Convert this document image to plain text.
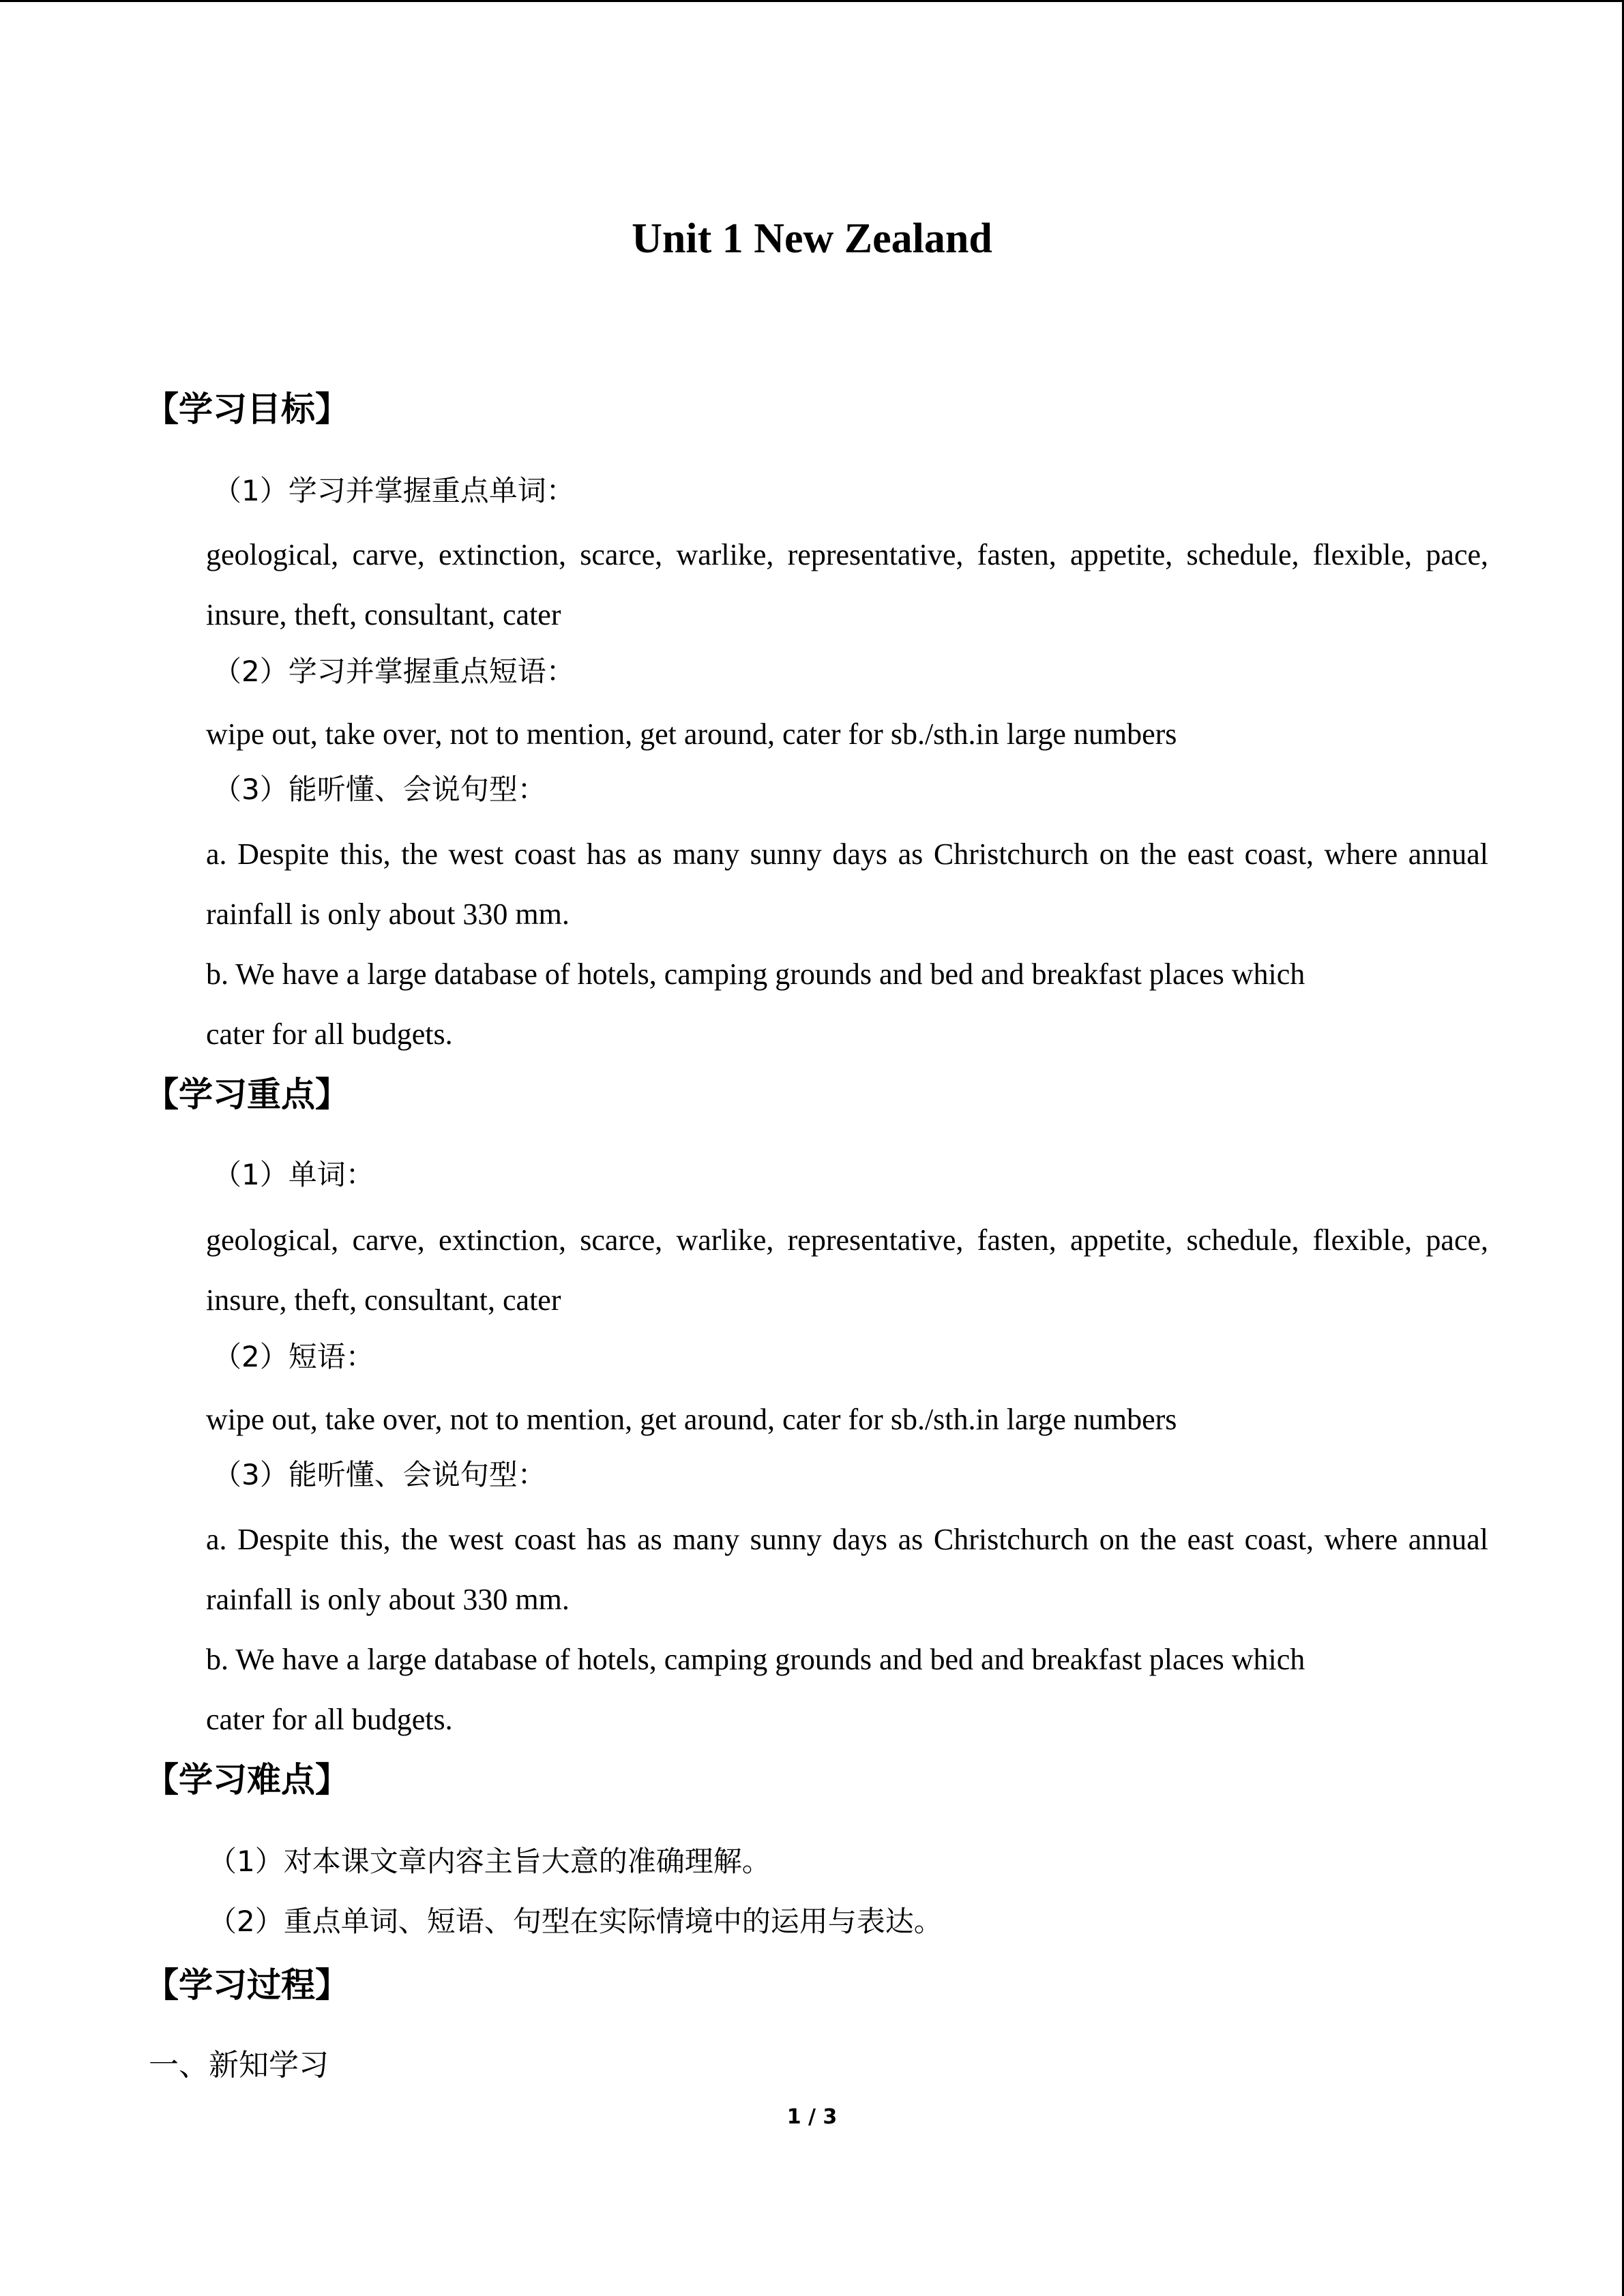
Unit 1 New Zealand
【学习目标】
（1）学习并掌握重点单词：
geological, carve, extinction, scarce, warlike, representative, fasten, appetite, schedule, flexible, pace, insure, theft, consultant, cater
（2）学习并掌握重点短语：
wipe out, take over, not to mention, get around, cater for sb./sth.in large numbers
（3）能听懂、会说句型：
a. Despite this, the west coast has as many sunny days as Christchurch on the east coast, where annual rainfall is only about 330 mm.
b. We have a large database of hotels, camping grounds and bed and breakfast places which
cater for all budgets.
【学习重点】
（1）单词：
geological, carve, extinction, scarce, warlike, representative, fasten, appetite, schedule, flexible, pace, insure, theft, consultant, cater
（2）短语：
wipe out, take over, not to mention, get around, cater for sb./sth.in large numbers
（3）能听懂、会说句型：
a. Despite this, the west coast has as many sunny days as Christchurch on the east coast, where annual rainfall is only about 330 mm.
b. We have a large database of hotels, camping grounds and bed and breakfast places which
cater for all budgets.
【学习难点】
（1）对本课文章内容主旨大意的准确理解。
（2）重点单词、短语、句型在实际情境中的运用与表达。
【学习过程】
一、新知学习
1 / 3
